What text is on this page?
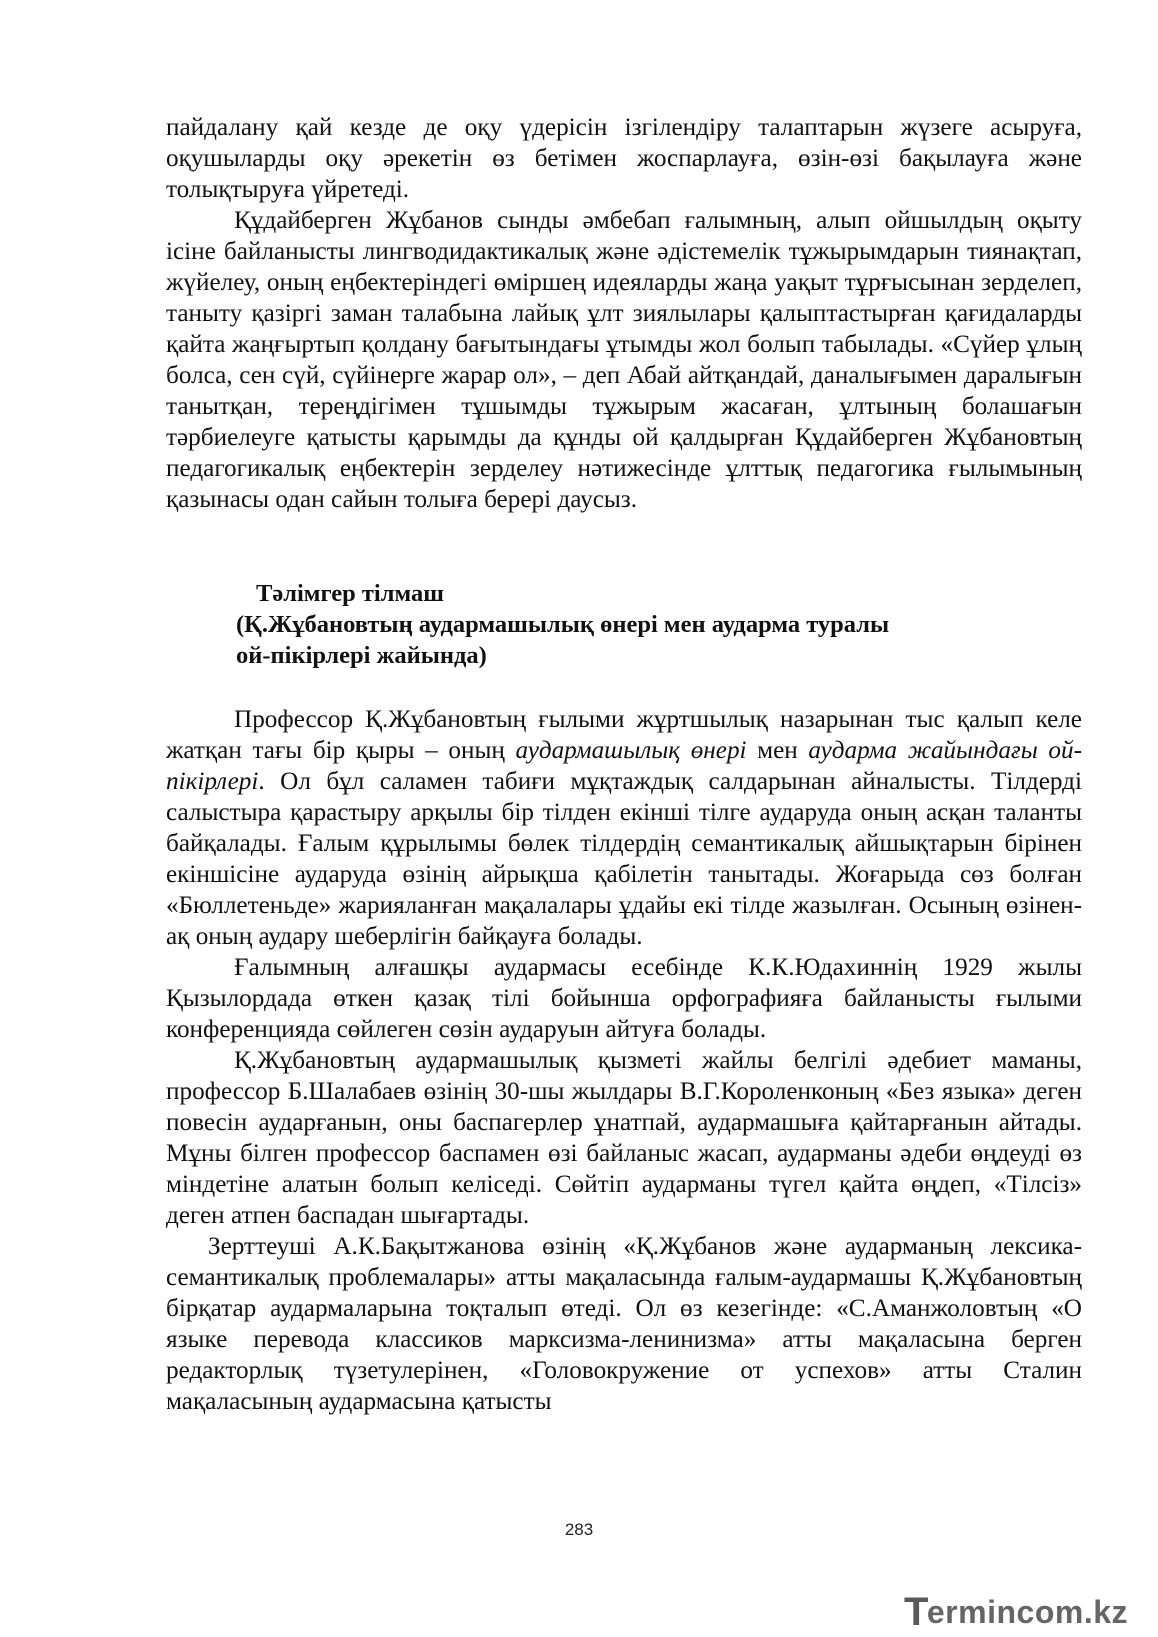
пайдалану қай кезде де оқу үдерісін ізгілендіру талаптарын жүзеге асыруға, оқушыларды оқу әрекетін өз бетімен жоспарлауға, өзін-өзі бақылауға және толықтыруға үйретеді.

Құдайберген Жұбанов сынды әмбебап ғалымның, алып ойшылдың оқыту ісіне байланысты лингводидактикалық және әдістемелік тұжырымдарын тиянақтап, жүйелеу, оның еңбектеріндегі өміршең идеяларды жаңа уақыт тұрғысынан зерделеп, таныту қазіргі заман талабына лайық ұлт зиялылары қалыптастырған қағидаларды қайта жаңғыртып қолдану бағытындағы ұтымды жол болып табылады. «Сүйер ұлың болса, сен сүй, сүйінерге жарар ол», – деп Абай айтқандай, даналығымен даралығын танытқан, тереңдігімен тұшымды тұжырым жасаған, ұлтының болашағын тәрбиелеуге қатысты қарымды да құнды ой қалдырған Құдайберген Жұбановтың педагогикалық еңбектерін зерделеу нәтижесінде ұлттық педагогика ғылымының қазынасы одан сайын толыға берері даусыз.

Тәлімгер тілмаш

(Қ.Жұбановтың аудармашылық өнері мен аударма туралы

ой-пікірлері жайында)

Профессор Қ.Жұбановтың ғылыми жұртшылық назарынан тыс қалып келе жатқан тағы бір қыры – оның аудармашылық өнері мен аударма жайындағы ой-пікірлері. Ол бұл саламен табиғи мұқтаждық салдарынан айналысты. Тілдерді салыстыра қарастыру арқылы бір тілден екінші тілге аударуда оның асқан таланты байқалады. Ғалым құрылымы бөлек тілдердің семантикалық айшықтарын бірінен екіншісіне аударуда өзінің айрықша қабілетін танытады. Жоғарыда сөз болған «Бюллетеньде» жарияланған мақалалары ұдайы екі тілде жазылған. Осының өзінен-ақ оның аудару шеберлігін байқауға болады.

Ғалымның алғашқы аудармасы есебінде К.К.Юдахиннің 1929 жылы Қызылордада өткен қазақ тілі бойынша орфографияға байланысты ғылыми конференцияда сөйлеген сөзін аударуын айтуға болады.

Қ.Жұбановтың аудармашылық қызметі жайлы белгілі әдебиет маманы, профессор Б.Шалабаев өзінің 30-шы жылдары В.Г.Короленконың «Без языка» деген повесін аударғанын, оны баспагерлер ұнатпай, аудармашыға қайтарғанын айтады. Мұны білген профессор баспамен өзі байланыс жасап, аударманы әдеби өңдеуді өз міндетіне алатын болып келіседі. Сөйтіп аударманы түгел қайта өңдеп, «Тілсіз» деген атпен баспадан шығартады.

Зерттеуші А.К.Бақытжанова өзінің «Қ.Жұбанов және аударманың лексика-семантикалық проблемалары» атты мақаласында ғалым-аудармашы Қ.Жұбановтың бірқатар аудармаларына тоқталып өтеді. Ол өз кезегінде: «С.Аманжоловтың «О языке перевода классиков марксизма-ленинизма» атты мақаласына берген редакторлық түзетулерінен, «Головокружение от успехов» атты Сталин мақаласының аудармасына қатысты

283
T
ermincom.kz
